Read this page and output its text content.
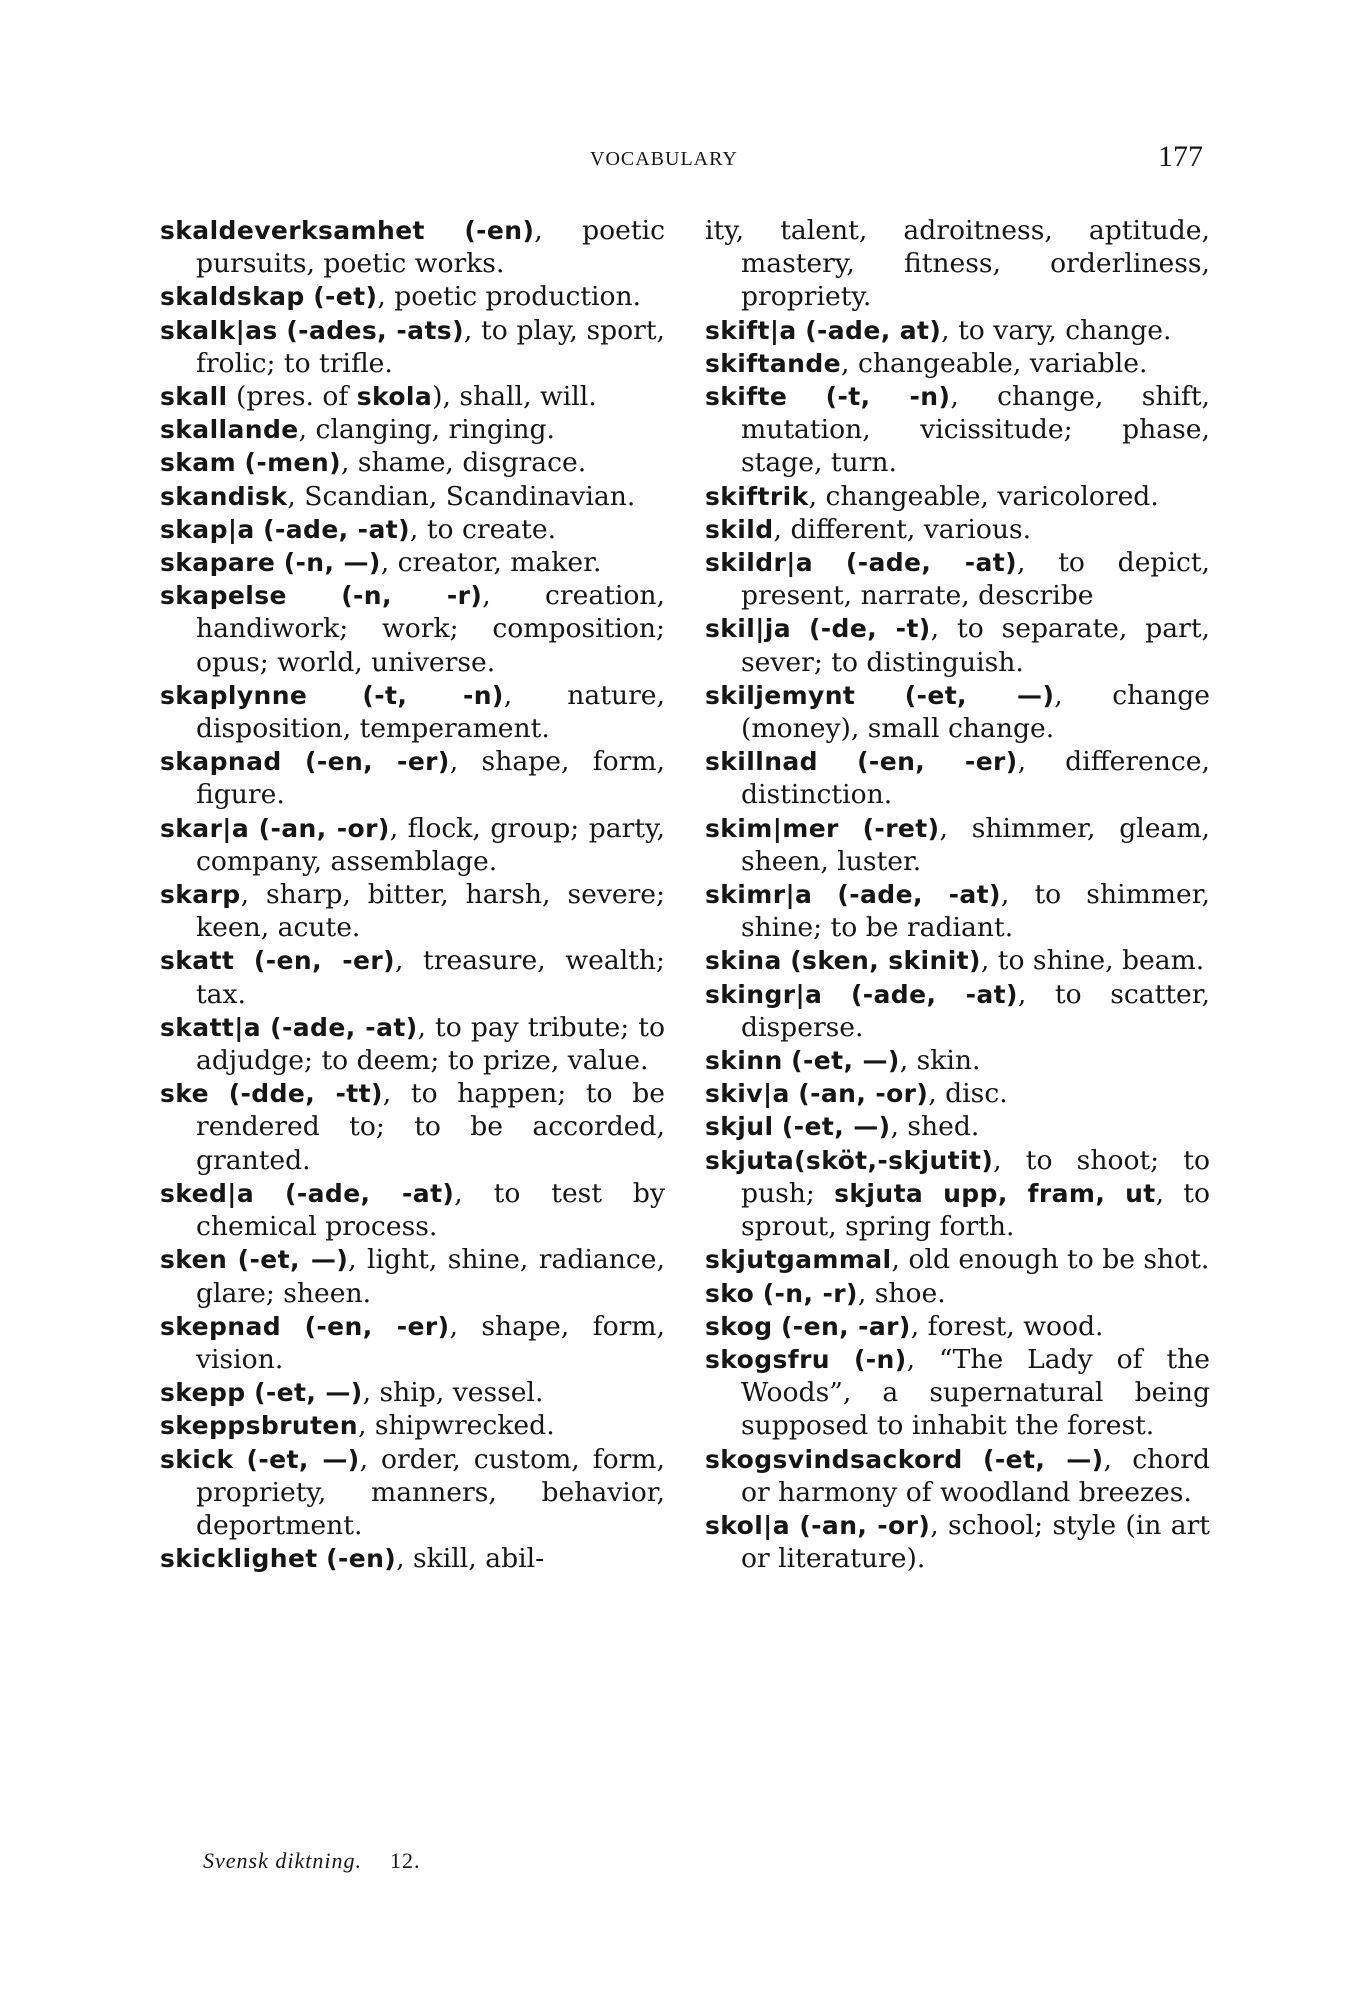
VOCABULARY	177

skaldeverksamhet (-en), poetic pursuits, poetic works.

skaldskap (-et), poetic production.

skalk|as (-ades, -ats), to play, sport, frolic; to trifle.

skall (pres. of skola), shall, will.

skallande, clanging, ringing.

skam (-men), shame, disgrace.

skandisk, Scandian, Scandinavian.

skap|a (-ade, -at), to create.

skapare (-n, —), creator, maker.

skapelse (-n, -r), creation, handiwork; work; composition; opus; world, universe.

skaplynne (-t, -n), nature, disposition, temperament.

skapnad (-en, -er), shape, form, figure.

skar|a (-an, -or), flock, group; party, company, assemblage.

skarp, sharp, bitter, harsh, severe; keen, acute.

skatt (-en, -er), treasure, wealth; tax.

skatt|a (-ade, -at), to pay tribute; to adjudge; to deem; to prize, value.

ske (-dde, -tt), to happen; to be rendered to; to be accorded, granted.

sked|a (-ade, -at), to test by chemical process.

sken (-et, —), light, shine, radiance, glare; sheen.

skepnad (-en, -er), shape, form, vision.

skepp (-et, —), ship, vessel.

skeppsbruten, shipwrecked.

skick (-et, —), order, custom, form, propriety, manners, behavior, deportment.

skicklighet (-en), skill, abil-

ity, talent, adroitness, aptitude, mastery, fitness, orderliness, propriety.

skift|a (-ade, at), to vary, change.

skiftande, changeable, variable.

skifte (-t, -n), change, shift, mutation, vicissitude; phase, stage, turn.

skiftrik, changeable, varicolored.

skild, different, various.

skildr|a (-ade, -at), to depict, present, narrate, describe

skil|ja (-de, -t), to separate, part, sever; to distinguish.

skiljemynt (-et, —), change (money), small change.

skillnad (-en, -er), difference, distinction.

skim|mer (-ret), shimmer, gleam, sheen, luster.

skimr|a (-ade, -at), to shimmer, shine; to be radiant.

skina (sken, skinit), to shine, beam.

skingr|a (-ade, -at), to scatter, disperse.

skinn (-et, —), skin.

skiv|a (-an, -or), disc.

skjul (-et, —), shed.

skjuta(sköt,-skjutit), to shoot; to push; skjuta upp, fram, ut, to sprout, spring forth.

skjutgammal, old enough to be shot.

sko (-n, -r), shoe.

skog (-en, -ar), forest, wood.

skogsfru (-n), “The Lady of the Woods”, a supernatural being supposed to inhabit the forest.

skogsvindsackord (-et, —), chord or harmony of woodland breezes.

skol|a (-an, -or), school; style (in art or literature).

Svensk diktning. 12.
